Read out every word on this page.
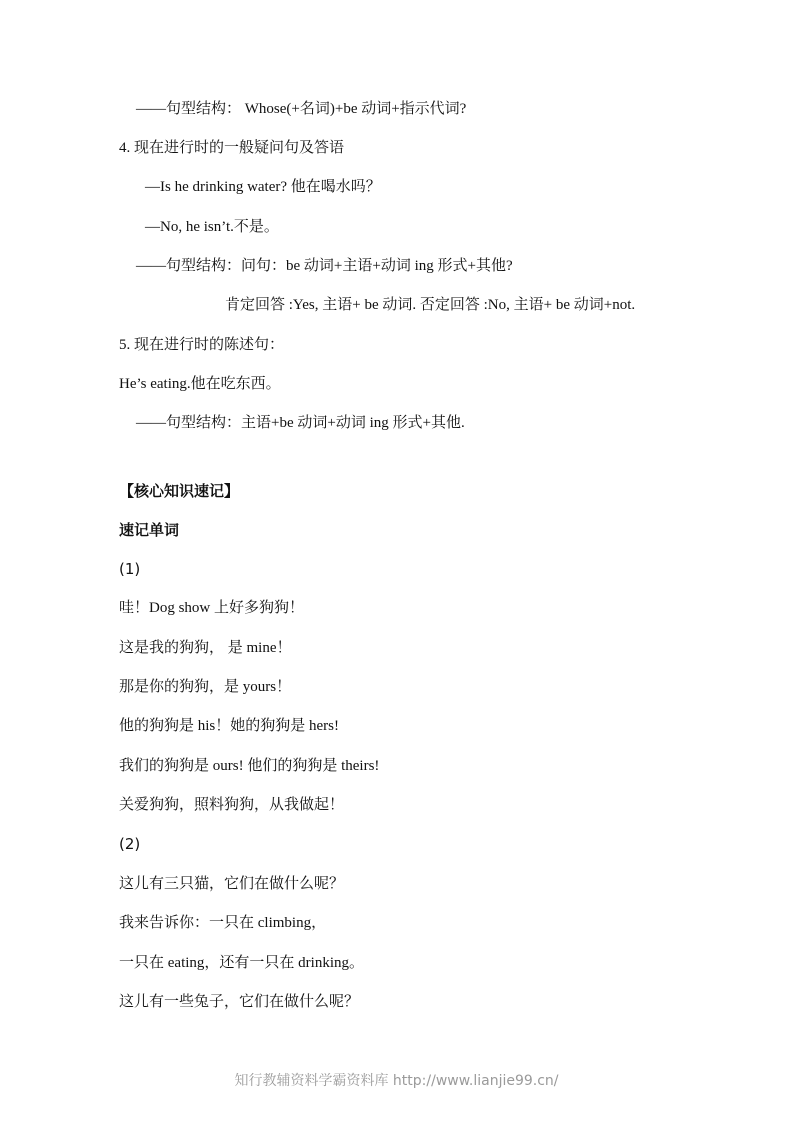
——句型结构： Whose(+名词)+be 动词+指示代词?
4. 现在进行时的一般疑问句及答语
—Is he drinking water? 他在喝水吗？
—No, he isn’t.不是。
——句型结构：问句：be 动词+主语+动词 ing 形式+其他?
肯定回答 :Yes, 主语+ be 动词. 否定回答 :No, 主语+ be 动词+not.
5. 现在进行时的陈述句：
He’s eating.他在吃东西。
——句型结构：主语+be 动词+动词 ing 形式+其他.
【核心知识速记】
速记单词
(1)
哇！Dog show 上好多狗狗！
这是我的狗狗， 是 mine！
那是你的狗狗，是 yours！
他的狗狗是 his！她的狗狗是 hers!
我们的狗狗是 ours! 他们的狗狗是 theirs!
关爱狗狗，照料狗狗，从我做起！
(2)
这儿有三只猫，它们在做什么呢？
我来告诉你：一只在 climbing，
一只在 eating，还有一只在 drinking。
这儿有一些兔子，它们在做什么呢？
知行教辅资料学霸资料库 http://www.lianjie99.cn/
